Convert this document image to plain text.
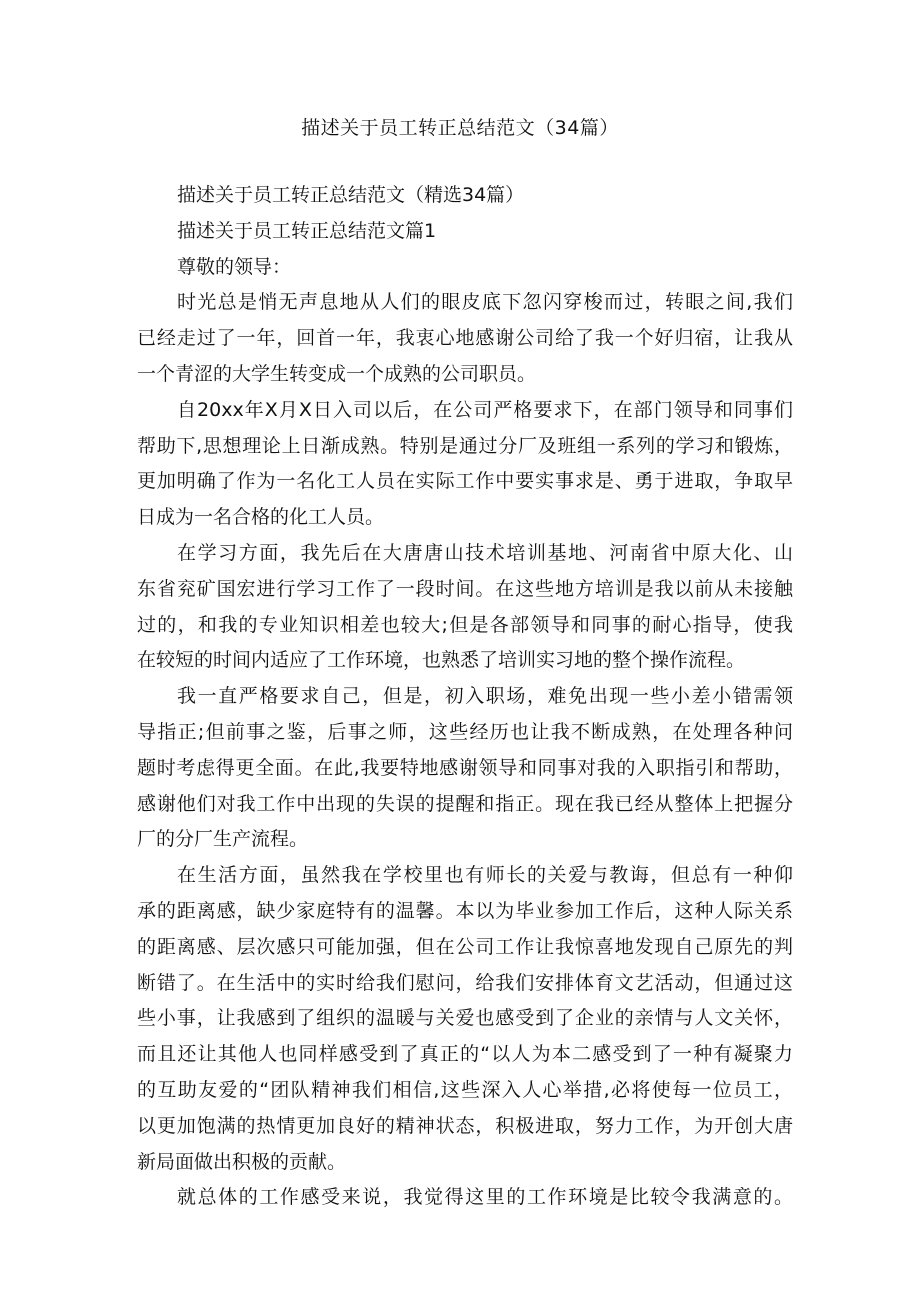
描述关于员工转正总结范文（34篇）
描述关于员工转正总结范文（精选34篇）
描述关于员工转正总结范文篇1
尊敬的领导：
时光总是悄无声息地从人们的眼皮底下忽闪穿梭而过，转眼之间,我们
已经走过了一年，回首一年，我衷心地感谢公司给了我一个好归宿，让我从
一个青涩的大学生转变成一个成熟的公司职员。
自20xx年X月X日入司以后，在公司严格要求下，在部门领导和同事们
帮助下,思想理论上日渐成熟。特别是通过分厂及班组一系列的学习和锻炼，
更加明确了作为一名化工人员在实际工作中要实事求是、勇于进取，争取早
日成为一名合格的化工人员。
在学习方面，我先后在大唐唐山技术培训基地、河南省中原大化、山
东省兖矿国宏进行学习工作了一段时间。在这些地方培训是我以前从未接触
过的，和我的专业知识相差也较大;但是各部领导和同事的耐心指导，使我
在较短的时间内适应了工作环境，也熟悉了培训实习地的整个操作流程。
我一直严格要求自己，但是，初入职场，难免出现一些小差小错需领
导指正;但前事之鉴，后事之师，这些经历也让我不断成熟，在处理各种问
题时考虑得更全面。在此,我要特地感谢领导和同事对我的入职指引和帮助，
感谢他们对我工作中出现的失误的提醒和指正。现在我已经从整体上把握分
厂的分厂生产流程。
在生活方面，虽然我在学校里也有师长的关爱与教诲，但总有一种仰
承的距离感，缺少家庭特有的温馨。本以为毕业参加工作后，这种人际关系
的距离感、层次感只可能加强，但在公司工作让我惊喜地发现自己原先的判
断错了。在生活中的实时给我们慰问，给我们安排体育文艺活动，但通过这
些小事，让我感到了组织的温暖与关爱也感受到了企业的亲情与人文关怀，
而且还让其他人也同样感受到了真正的“以人为本二感受到了一种有凝聚力
的互助友爱的“团队精神我们相信,这些深入人心举措,必将使每一位员工，
以更加饱满的热情更加良好的精神状态，积极进取，努力工作，为开创大唐
新局面做出积极的贡献。
就总体的工作感受来说，我觉得这里的工作环境是比较令我满意的。
